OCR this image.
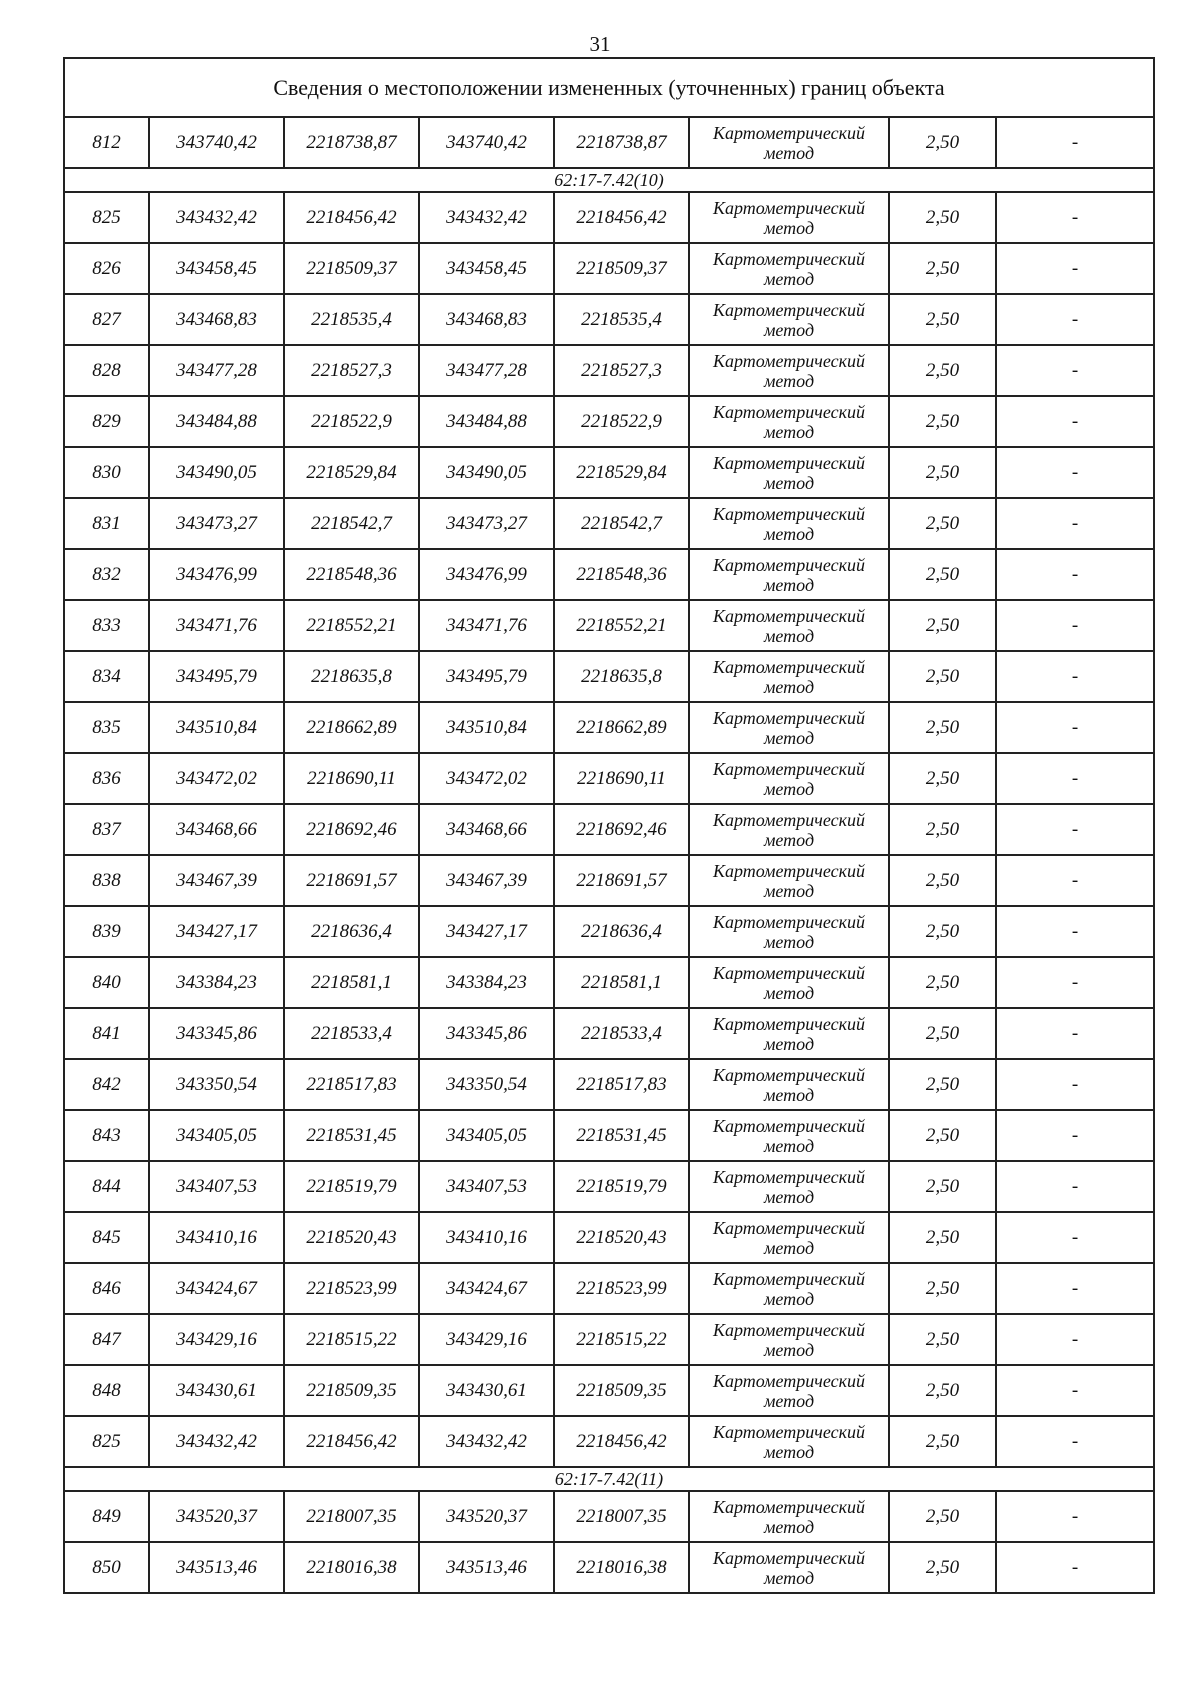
31
Сведения о местоположении измененных (уточненных) границ объекта							
812	343740,42	2218738,87	343740,42	2218738,87	Картометрический метод	2,50	-
62:17-7.42(10)							
825	343432,42	2218456,42	343432,42	2218456,42	Картометрический метод	2,50	-
826	343458,45	2218509,37	343458,45	2218509,37	Картометрический метод	2,50	-
827	343468,83	2218535,4	343468,83	2218535,4	Картометрический метод	2,50	-
828	343477,28	2218527,3	343477,28	2218527,3	Картометрический метод	2,50	-
829	343484,88	2218522,9	343484,88	2218522,9	Картометрический метод	2,50	-
830	343490,05	2218529,84	343490,05	2218529,84	Картометрический метод	2,50	-
831	343473,27	2218542,7	343473,27	2218542,7	Картометрический метод	2,50	-
832	343476,99	2218548,36	343476,99	2218548,36	Картометрический метод	2,50	-
833	343471,76	2218552,21	343471,76	2218552,21	Картометрический метод	2,50	-
834	343495,79	2218635,8	343495,79	2218635,8	Картометрический метод	2,50	-
835	343510,84	2218662,89	343510,84	2218662,89	Картометрический метод	2,50	-
836	343472,02	2218690,11	343472,02	2218690,11	Картометрический метод	2,50	-
837	343468,66	2218692,46	343468,66	2218692,46	Картометрический метод	2,50	-
838	343467,39	2218691,57	343467,39	2218691,57	Картометрический метод	2,50	-
839	343427,17	2218636,4	343427,17	2218636,4	Картометрический метод	2,50	-
840	343384,23	2218581,1	343384,23	2218581,1	Картометрический метод	2,50	-
841	343345,86	2218533,4	343345,86	2218533,4	Картометрический метод	2,50	-
842	343350,54	2218517,83	343350,54	2218517,83	Картометрический метод	2,50	-
843	343405,05	2218531,45	343405,05	2218531,45	Картометрический метод	2,50	-
844	343407,53	2218519,79	343407,53	2218519,79	Картометрический метод	2,50	-
845	343410,16	2218520,43	343410,16	2218520,43	Картометрический метод	2,50	-
846	343424,67	2218523,99	343424,67	2218523,99	Картометрический метод	2,50	-
847	343429,16	2218515,22	343429,16	2218515,22	Картометрический метод	2,50	-
848	343430,61	2218509,35	343430,61	2218509,35	Картометрический метод	2,50	-
825	343432,42	2218456,42	343432,42	2218456,42	Картометрический метод	2,50	-
62:17-7.42(11)							
849	343520,37	2218007,35	343520,37	2218007,35	Картометрический метод	2,50	-
850	343513,46	2218016,38	343513,46	2218016,38	Картометрический метод	2,50	-
